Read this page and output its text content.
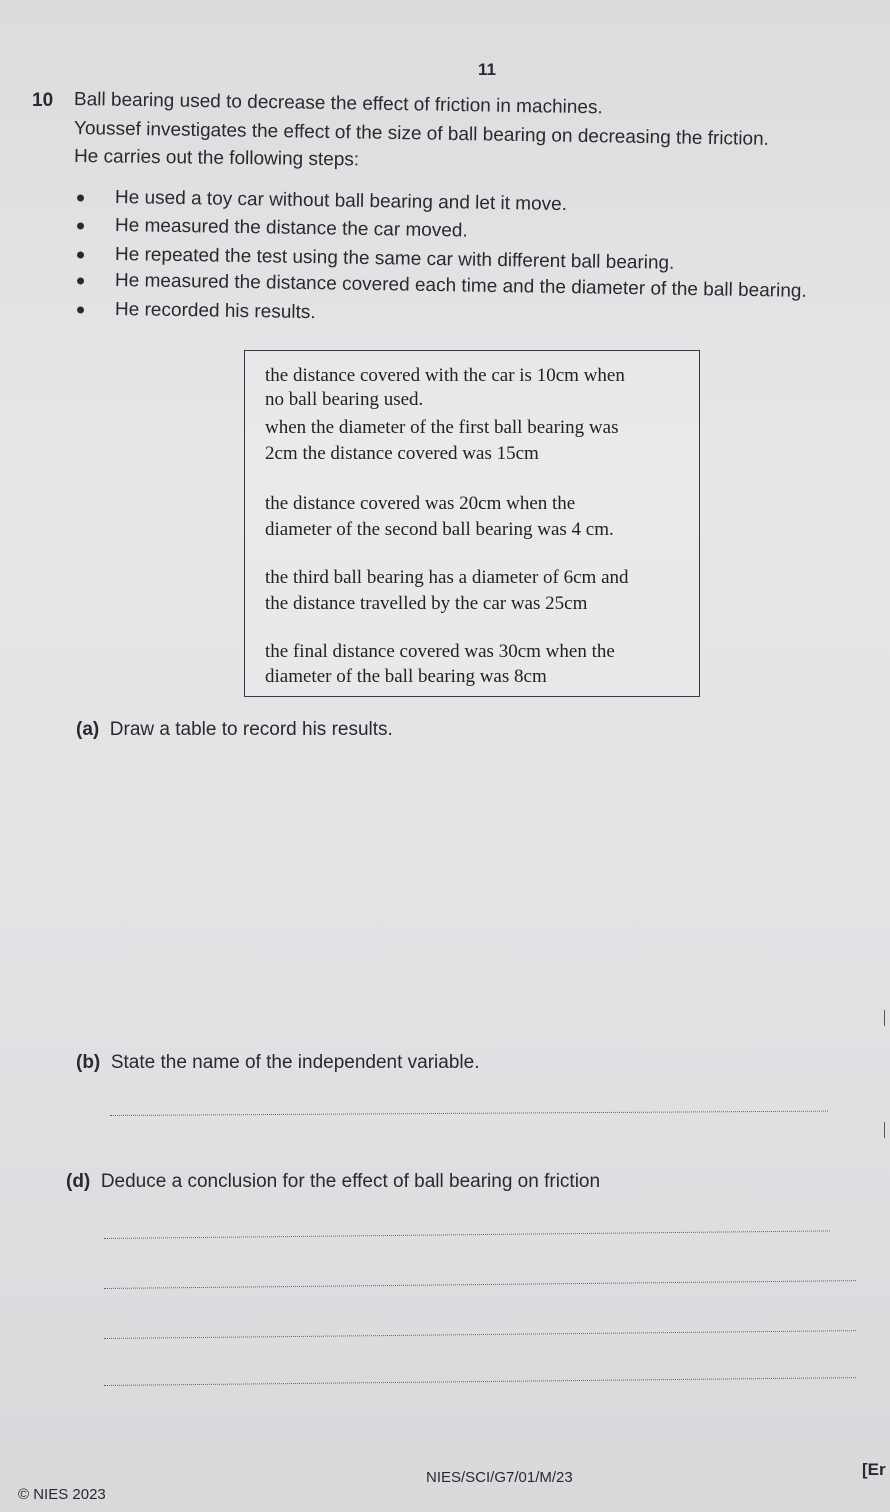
11
10 Ball bearing used to decrease the effect of friction in machines.
Youssef investigates the effect of the size of ball bearing on decreasing the friction.
He carries out the following steps:
He used a toy car without ball bearing and let it move.
He measured the distance the car moved.
He repeated the test using the same car with different ball bearing.
He measured the distance covered each time and the diameter of the ball bearing.
He recorded his results.
the distance covered with the car is 10cm when
no ball bearing used.
when the diameter of the first ball bearing was
2cm the distance covered was 15cm
the distance covered was 20cm when the
diameter of the second ball bearing was 4 cm.
the third ball bearing has a diameter of 6cm and
the distance travelled by the car was 25cm
the final distance covered was 30cm when the
diameter of the ball bearing was 8cm
(a) Draw a table to record his results.
(b) State the name of the independent variable.
(d) Deduce a conclusion for the effect of ball bearing on friction
© NIES 2023
NIES/SCI/G7/01/M/23	[Er
